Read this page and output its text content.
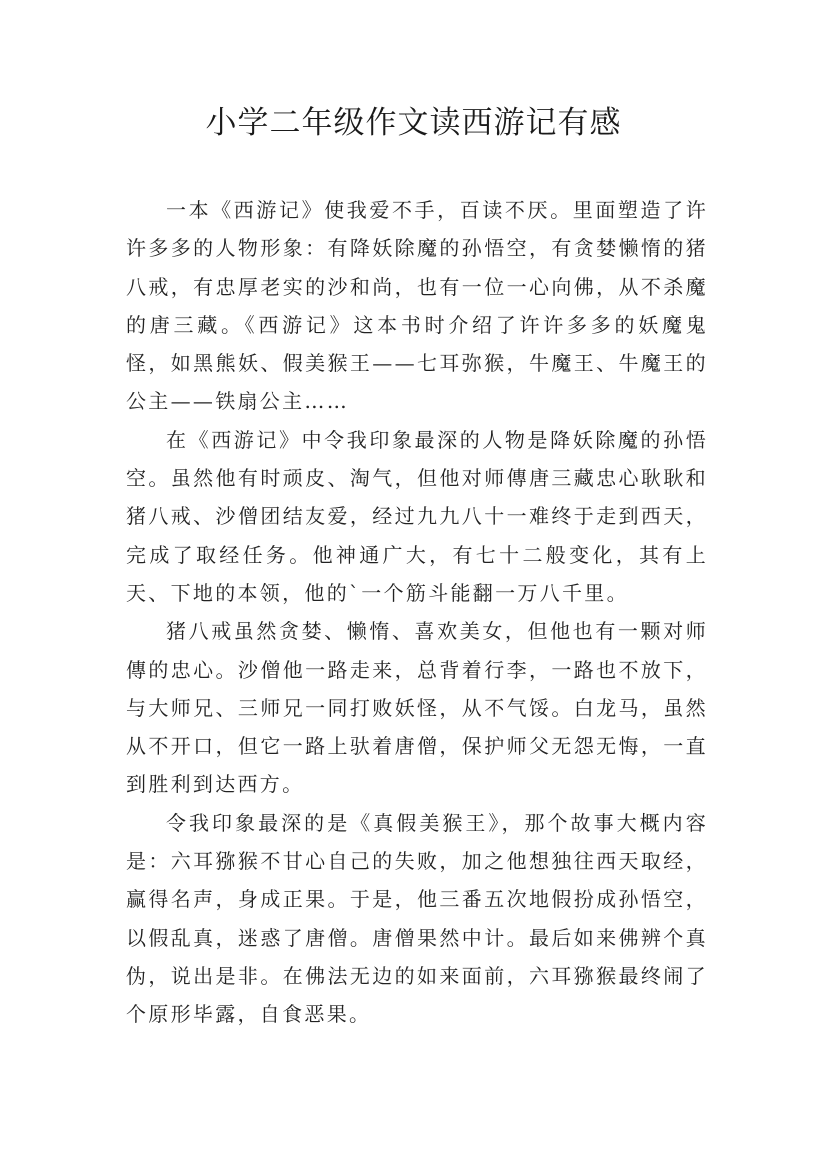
小学二年级作文读西游记有感

一本《西游记》使我爱不手，百读不厌。里面塑造了许许多多的人物形象：有降妖除魔的孙悟空，有贪婪懒惰的猪八戒，有忠厚老实的沙和尚，也有一位一心向佛，从不杀魔的唐三藏。《西游记》这本书时介绍了许许多多的妖魔鬼怪，如黑熊妖、假美猴王——七耳弥猴，牛魔王、牛魔王的公主——铁扇公主……

在《西游记》中令我印象最深的人物是降妖除魔的孙悟空。虽然他有时顽皮、淘气，但他对师傳唐三藏忠心耿耿和猪八戒、沙僧团结友爱，经过九九八十一难终于走到西天，完成了取经任务。他神通广大，有七十二般变化，其有上天、下地的本领，他的`一个筋斗能翻一万八千里。

猪八戒虽然贪婪、懒惰、喜欢美女，但他也有一颗对师傳的忠心。沙僧他一路走来，总背着行李，一路也不放下，与大师兄、三师兄一同打败妖怪，从不气馁。白龙马，虽然从不开口，但它一路上驮着唐僧，保护师父无怨无悔，一直到胜利到达西方。

令我印象最深的是《真假美猴王》，那个故事大概内容是：六耳猕猴不甘心自己的失败，加之他想独往西天取经，赢得名声，身成正果。于是，他三番五次地假扮成孙悟空，以假乱真，迷惑了唐僧。唐僧果然中计。最后如来佛辨个真伪，说出是非。在佛法无边的如来面前，六耳猕猴最终闹了个原形毕露，自食恶果。
